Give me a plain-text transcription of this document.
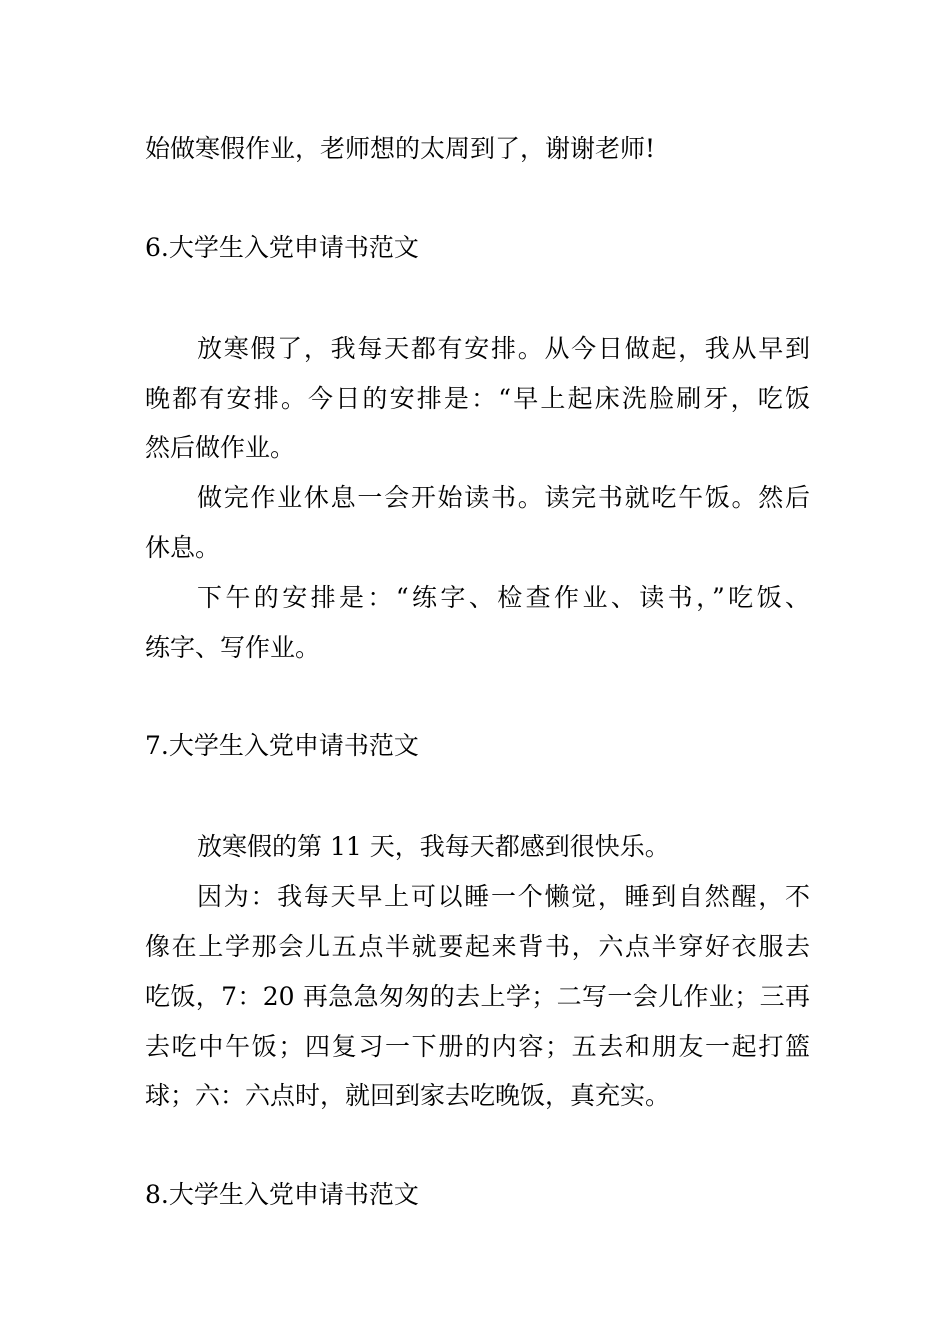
始做寒假作业，老师想的太周到了，谢谢老师!
6.大学生入党申请书范文
放寒假了，我每天都有安排。从今日做起，我从早到
晚都有安排。今日的安排是：“早上起床洗脸刷牙，吃饭
然后做作业。
做完作业休息一会开始读书。读完书就吃午饭。然后
休息。
下午的安排是：“练字、检查作业、读书，”吃饭、
练字、写作业。
7.大学生入党申请书范文
放寒假的第 11 天，我每天都感到很快乐。
因为：我每天早上可以睡一个懒觉，睡到自然醒，不
像在上学那会儿五点半就要起来背书，六点半穿好衣服去
吃饭，7：20 再急急匆匆的去上学；二写一会儿作业；三再
去吃中午饭；四复习一下册的内容；五去和朋友一起打篮
球；六：六点时，就回到家去吃晚饭，真充实。
8.大学生入党申请书范文
